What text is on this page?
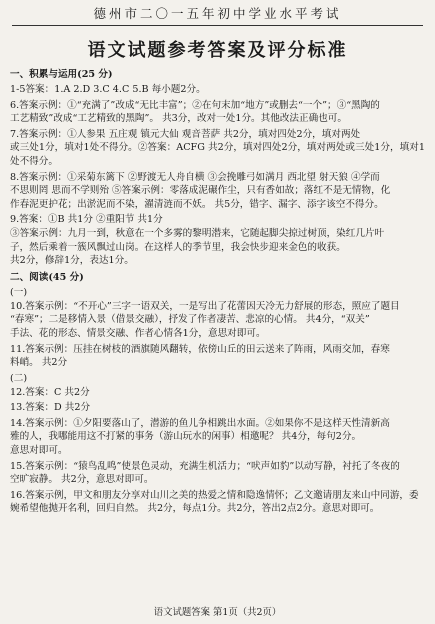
德州市二〇一五年初中学业水平考试
语文试题参考答案及评分标准
一、积累与运用(25 分)
1-5答案：1.A 2.D 3.C 4.C 5.B 每小题2分。
6.答案示例：①“充满了”改成“无比丰富”；②在句末加“地方”或删去“一个”；③“黑陶的
工艺精致”改成“工艺精致的黑陶”。 共3分，改对一处1分。其他改法正确也可。
7.答案示例：①人参果 五庄观 镇元大仙 观音菩萨 共2分，填对四处2分，填对两处
或三处1分，填对1处不得分。②答案：ACFG 共2分，填对四处2分，填对两处或三处1分，填对1处不得分。
8.答案示例：①采菊东篱下 ②野渡无人舟自横 ③会挽雕弓如满月 西北望 射天狼 ④学而
不思则罔 思而不学则殆 ⑤答案示例：零落成泥碾作尘，只有香如故；落红不是无情物，化
作春泥更护花；出淤泥而不染，濯清涟而不妖。 共5分，错字、漏字、添字该空不得分。
9.答案：①B 共1分 ②重阳节 共1分
③答案示例：九月一到，秋意在一个多雾的黎明潜来，它随起脚尖掠过树顶，染红几片叶
子，然后乘着一簇风飘过山岗。在这样人的季节里，我会快步迎来金色的收获。
共2分，修辞1分，表达1分。
二、阅读(45 分)
(一)
10.答案示例：“不开心”三字一语双关，一是写出了花蕾因天冷无力舒展的形态，照应了题目
“春寒”；二是移情入景（借景交融），抒发了作者凄苦、悲凉的心情。 共4分，“双关”
手法、花的形态、情景交融、作者心情各1分，意思对即可。
11.答案示例：压挂在树枝的酒旗随风翻转，依傍山丘的田云送来了阵雨，风雨交加，春寒
料峭。 共2分
(二)
12.答案：C 共2分
13.答案：D 共2分
14.答案示例：①夕阳要落山了，潜游的鱼儿争相跳出水面。②如果你不是这样天性清新高
雅的人，我哪能用这不打紧的事务（游山玩水的闲事）相邀呢？ 共4分，每句2分。
意思对即可。
15.答案示例：“猿鸟乱鸣”使景色灵动，充满生机活力；“吠声如豹”以动写静，衬托了冬夜的
空旷寂静。 共2分，意思对即可。
16.答案示例，甲文和朋友分享对山川之美的热爱之情和隐逸情怀；乙文邀请朋友来山中同游，委
婉希望他抛开名利，回归自然。 共2分，每点1分。共2分，答出2点2分。意思对即可。
语文试题答案 第1页（共2页）
